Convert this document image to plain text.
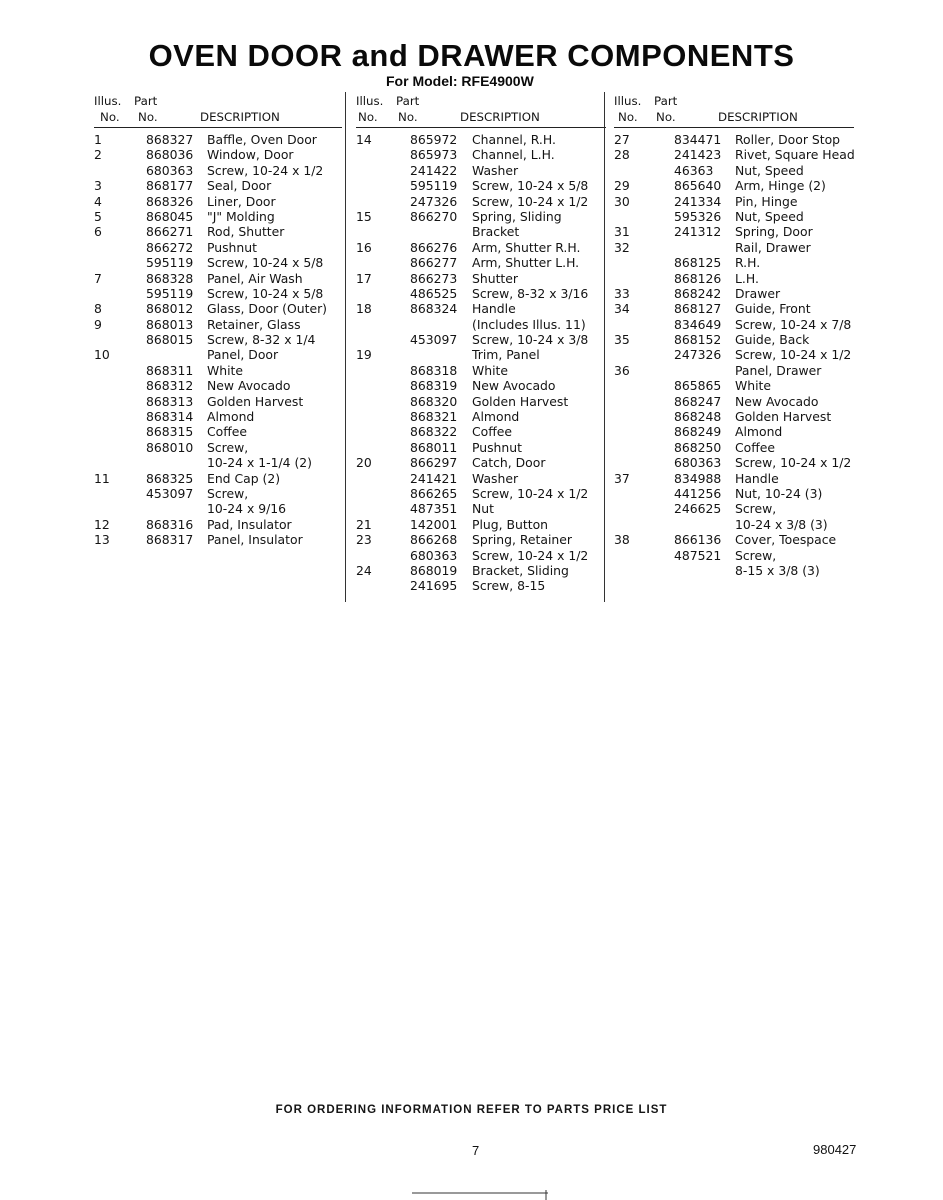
OVEN DOOR and DRAWER COMPONENTS
For Model: RFE4900W
Illus. Part
No. No.	DESCRIPTION
1	868327 Baffle, Oven Door
2	868036 Window, Door
680363 Screw, 10-24 x 1/2
3	868177 Seal, Door
4	868326 Liner, Door
5	868045 "J" Molding
6	866271 Rod, Shutter
866272 Pushnut
595119 Screw, 10-24 x 5/8
7	868328 Panel, Air Wash
595119 Screw, 10-24 x 5/8
8	868012 Glass, Door (Outer)
9	868013 Retainer, Glass
868015 Screw, 8-32 x 1/4
10	Panel, Door
868311 White
868312 New Avocado
868313 Golden Harvest
868314 Almond
868315 Coffee
868010 Screw,
10-24 x 1-1/4 (2)
11	868325 End Cap (2)
453097 Screw,
10-24 x 9/16
12	868316 Pad, Insulator
13	868317 Panel, Insulator
Illus. Part
No. No.	DESCRIPTION
14	865972 Channel, R.H.
865973 Channel, L.H.
241422 Washer
595119 Screw, 10-24 x 5/8
247326 Screw, 10-24 x 1/2
15	866270 Spring, Sliding
Bracket
16	866276 Arm, Shutter R.H.
866277 Arm, Shutter L.H.
17	866273 Shutter
486525 Screw, 8-32 x 3/16
18	868324 Handle
(Includes Illus. 11)
453097 Screw, 10-24 x 3/8
19	Trim, Panel
868318 White
868319 New Avocado
868320 Golden Harvest
868321 Almond
868322 Coffee
868011 Pushnut
20	866297 Catch, Door
241421 Washer
866265 Screw, 10-24 x 1/2
487351 Nut
21	142001 Plug, Button
23	866268 Spring, Retainer
680363 Screw, 10-24 x 1/2
24	868019 Bracket, Sliding
241695 Screw, 8-15
Illus. Part
No. No.	DESCRIPTION
27	834471 Roller, Door Stop
28	241423 Rivet, Square Head
46363 Nut, Speed
29	865640 Arm, Hinge (2)
30	241334 Pin, Hinge
595326 Nut, Speed
31	241312 Spring, Door
32	Rail, Drawer
868125 R.H.
868126 L.H.
33	868242 Drawer
34	868127 Guide, Front
834649 Screw, 10-24 x 7/8
35	868152 Guide, Back
247326 Screw, 10-24 x 1/2
36	Panel, Drawer
865865 White
868247 New Avocado
868248 Golden Harvest
868249 Almond
868250 Coffee
680363 Screw, 10-24 x 1/2
37	834988 Handle
441256 Nut, 10-24 (3)
246625 Screw,
10-24 x 3/8 (3)
38	866136 Cover, Toespace
487521 Screw,
8-15 x 3/8 (3)
FOR ORDERING INFORMATION REFER TO PARTS PRICE LIST
7	980427
